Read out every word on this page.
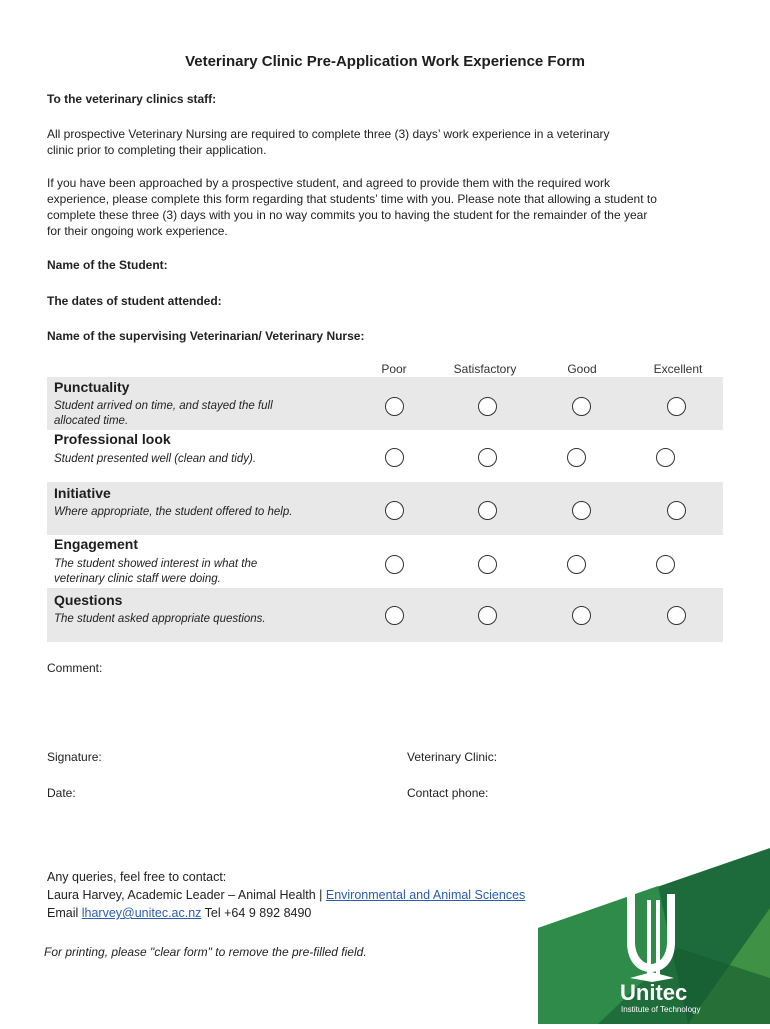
Veterinary Clinic Pre-Application Work Experience Form
To the veterinary clinics staff:
All prospective Veterinary Nursing are required to complete three (3) days’ work experience in a veterinary
clinic prior to completing their application.
If you have been approached by a prospective student, and agreed to provide them with the required work
experience, please complete this form regarding that students’ time with you. Please note that allowing a student to
complete these three (3) days with you in no way commits you to having the student for the remainder of the year
for their ongoing work experience.
Name of the Student:
The dates of student attended:
Name of the supervising Veterinarian/ Veterinary Nurse:
Poor	Satisfactory	Good	Excellent
Punctuality
Student arrived on time, and stayed the full
allocated time.
Professional look
Student presented well (clean and tidy).
Initiative
Where appropriate, the student offered to help.
Engagement
The student showed interest in what the
veterinary clinic staff were doing.
Questions
The student asked appropriate questions.
Comment:
Signature:	Veterinary Clinic:
Date:	Contact phone:
Any queries, feel free to contact:
Laura Harvey, Academic Leader – Animal Health | Environmental and Animal Sciences
Email lharvey@unitec.ac.nz Tel +64 9 892 8490
For printing, please "clear form" to remove the pre-filled field.
Unitec
Institute of Technology
